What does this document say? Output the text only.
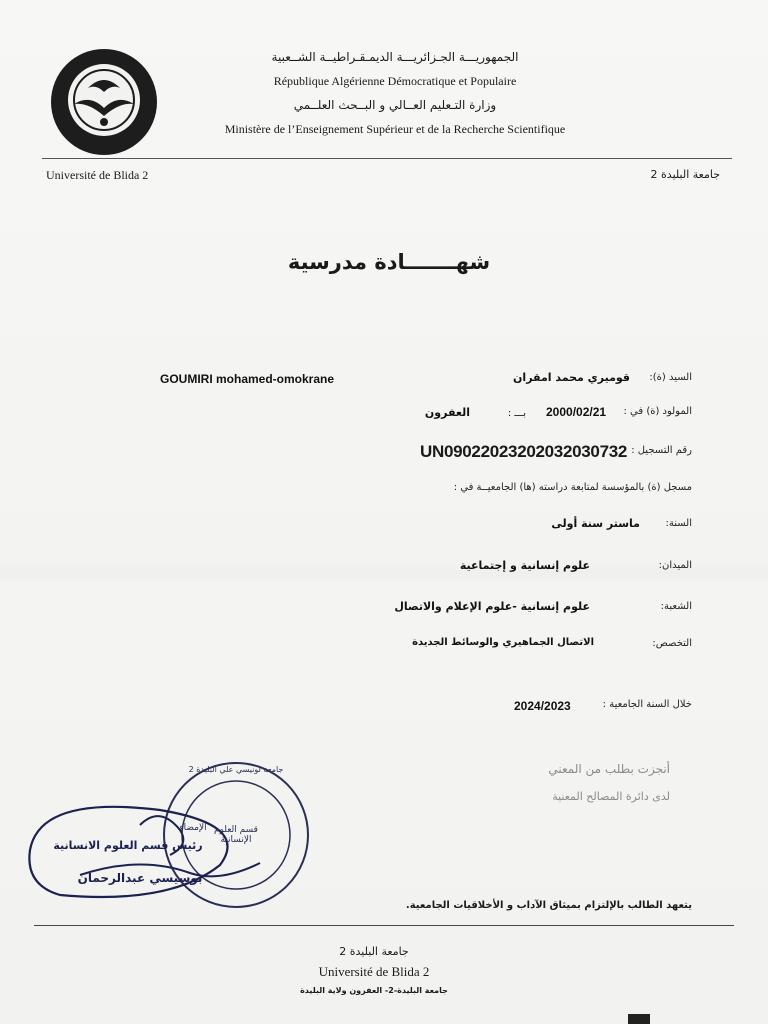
الجمهوريـــة الجـزائريـــة الديمـقـراطيــة الشــعبية
République Algérienne Démocratique et Populaire
وزارة التـعليم العــالي و البــحث العلــمي
Ministère de l’Enseignement Supérieur et de la Recherche Scientifique
Université de Blida 2	جامعة البليدة 2
شهـــــــادة مدرسية
السيد (ة):
قوميري محمد امقران
GOUMIRI mohamed-omokrane
المولود (ة) في :
2000/02/21
بـــ :
العفرون
رقم التسجيل :
UN09022023202032030732
مسجل (ة) بالمؤسسة لمتابعة دراسته (ها) الجامعيــة في :
السنة:
ماستر سنة أولى
الميدان:
علوم إنسانية و إجتماعية
الشعبة:
علوم إنسانية -علوم الإعلام والاتصال
التخصص:
الاتصال الجماهيري والوسائط الجديدة
خلال السنة الجامعية :
2024/2023
أنجزت بطلب من المعني
لدى دائرة المصالح المعنية
الإمضاء
رئيس قسم العلوم الانسانية
بوسيسي عبدالرحمان
قسم العلوم الإنسانية
جامعة لونيسي علي البليدة 2
يتعهد الطالب بالإلتزام بميثاق الآداب و الأخلاقيات الجامعية.
جامعة البليدة 2
Université de Blida 2
جامعة البليدة-2- العفرون ولاية البليدة
